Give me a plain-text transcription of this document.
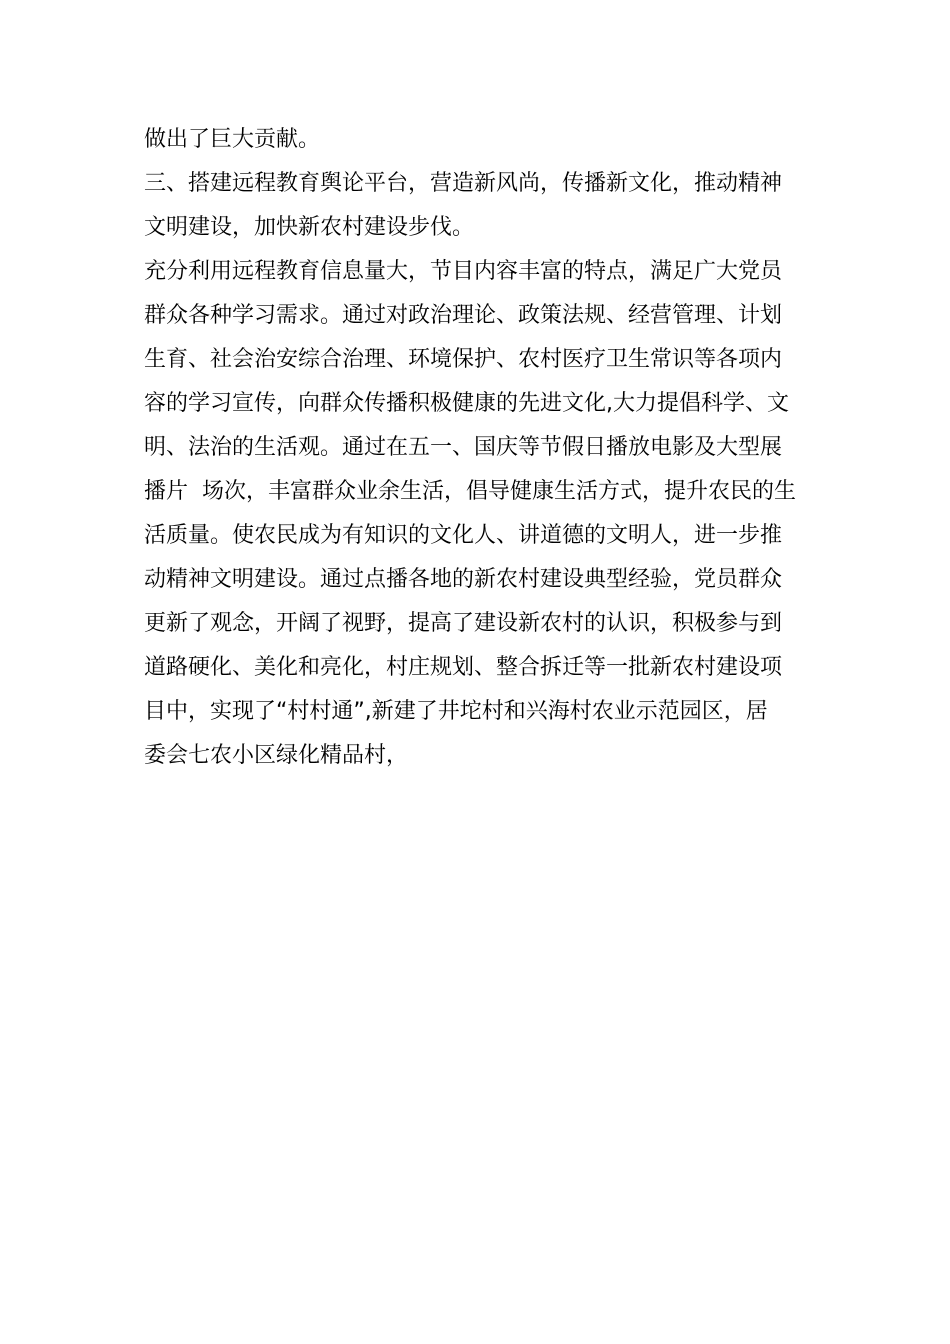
做出了巨大贡献。
三、搭建远程教育舆论平台，营造新风尚，传播新文化，推动精神
文明建设，加快新农村建设步伐。
充分利用远程教育信息量大，节目内容丰富的特点，满足广大党员
群众各种学习需求。通过对政治理论、政策法规、经营管理、计划
生育、社会治安综合治理、环境保护、农村医疗卫生常识等各项内
容的学习宣传，向群众传播积极健康的先进文化,大力提倡科学、文
明、法治的生活观。通过在五一、国庆等节假日播放电影及大型展
播片  场次，丰富群众业余生活，倡导健康生活方式，提升农民的生
活质量。使农民成为有知识的文化人、讲道德的文明人，进一步推
动精神文明建设。通过点播各地的新农村建设典型经验，党员群众
更新了观念，开阔了视野，提高了建设新农村的认识，积极参与到
道路硬化、美化和亮化，村庄规划、整合拆迁等一批新农村建设项
目中，实现了“村村通”,新建了井坨村和兴海村农业示范园区，居
委会七农小区绿化精品村，
